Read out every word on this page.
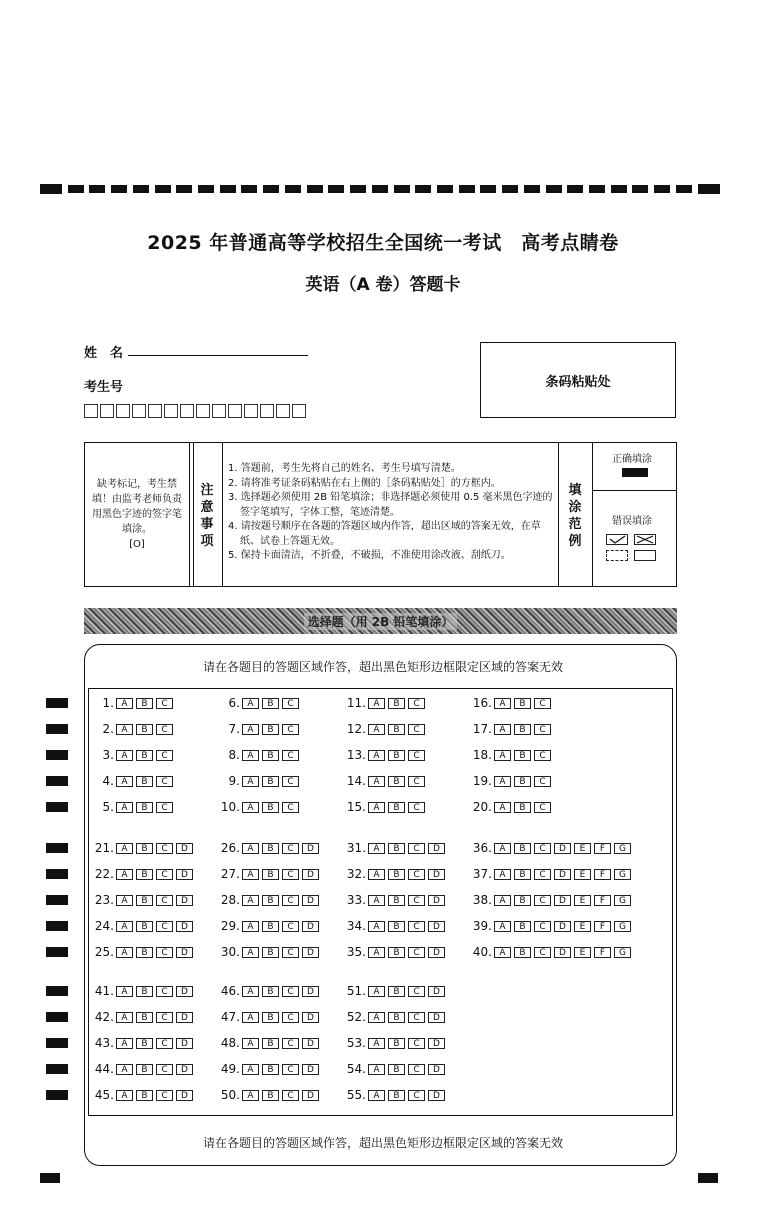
2025 年普通高等学校招生全国统一考试　高考点睛卷
英语（A 卷）答题卡
姓　名
考生号	条码粘贴处
缺考标记，考生禁填！由监考老师负责用黑色字迹的签字笔填涂。
[O]
注意事项
1. 答题前，考生先将自己的姓名、考生号填写清楚。
2. 请将准考证条码粘贴在右上侧的［条码粘贴处］的方框内。
3. 选择题必须使用 2B 铅笔填涂；非选择题必须使用 0.5 毫米黑色字迹的签字笔填写，字体工整，笔迹清楚。
4. 请按题号顺序在各题的答题区域内作答，超出区域的答案无效，在草纸、试卷上答题无效。
5. 保持卡面清洁，不折叠，不破损，不准使用涂改液、刮纸刀。
填涂范例
正确填涂
错误填涂
选择题（用 2B 铅笔填涂）
请在各题目的答题区域作答，超出黑色矩形边框限定区域的答案无效
请在各题目的答题区域作答，超出黑色矩形边框限定区域的答案无效
1. A	B	C
2. A	B	C
3. A	B	C
4. A	B	C
5. A	B	C
6. A	B	C
7. A	B	C
8. A	B	C
9. A	B	C
10. A	B	C
11. A	B	C
12. A	B	C
13. A	B	C
14. A	B	C
15. A	B	C
16. A	B	C
17. A	B	C
18. A	B	C
19. A	B	C
20. A	B	C
21. A	B	C	D
22. A	B	C	D
23. A	B	C	D
24. A	B	C	D
25. A	B	C	D
26. A	B	C	D
27. A	B	C	D
28. A	B	C	D
29. A	B	C	D
30. A	B	C	D
31. A	B	C	D
32. A	B	C	D
33. A	B	C	D
34. A	B	C	D
35. A	B	C	D
36. A	B	C	D	E	F	G
37. A	B	C	D	E	F	G
38. A	B	C	D	E	F	G
39. A	B	C	D	E	F	G
40. A	B	C	D	E	F	G
41. A	B	C	D
42. A	B	C	D
43. A	B	C	D
44. A	B	C	D
45. A	B	C	D
46. A	B	C	D
47. A	B	C	D
48. A	B	C	D
49. A	B	C	D
50. A	B	C	D
51. A	B	C	D
52. A	B	C	D
53. A	B	C	D
54. A	B	C	D
55. A	B	C	D
